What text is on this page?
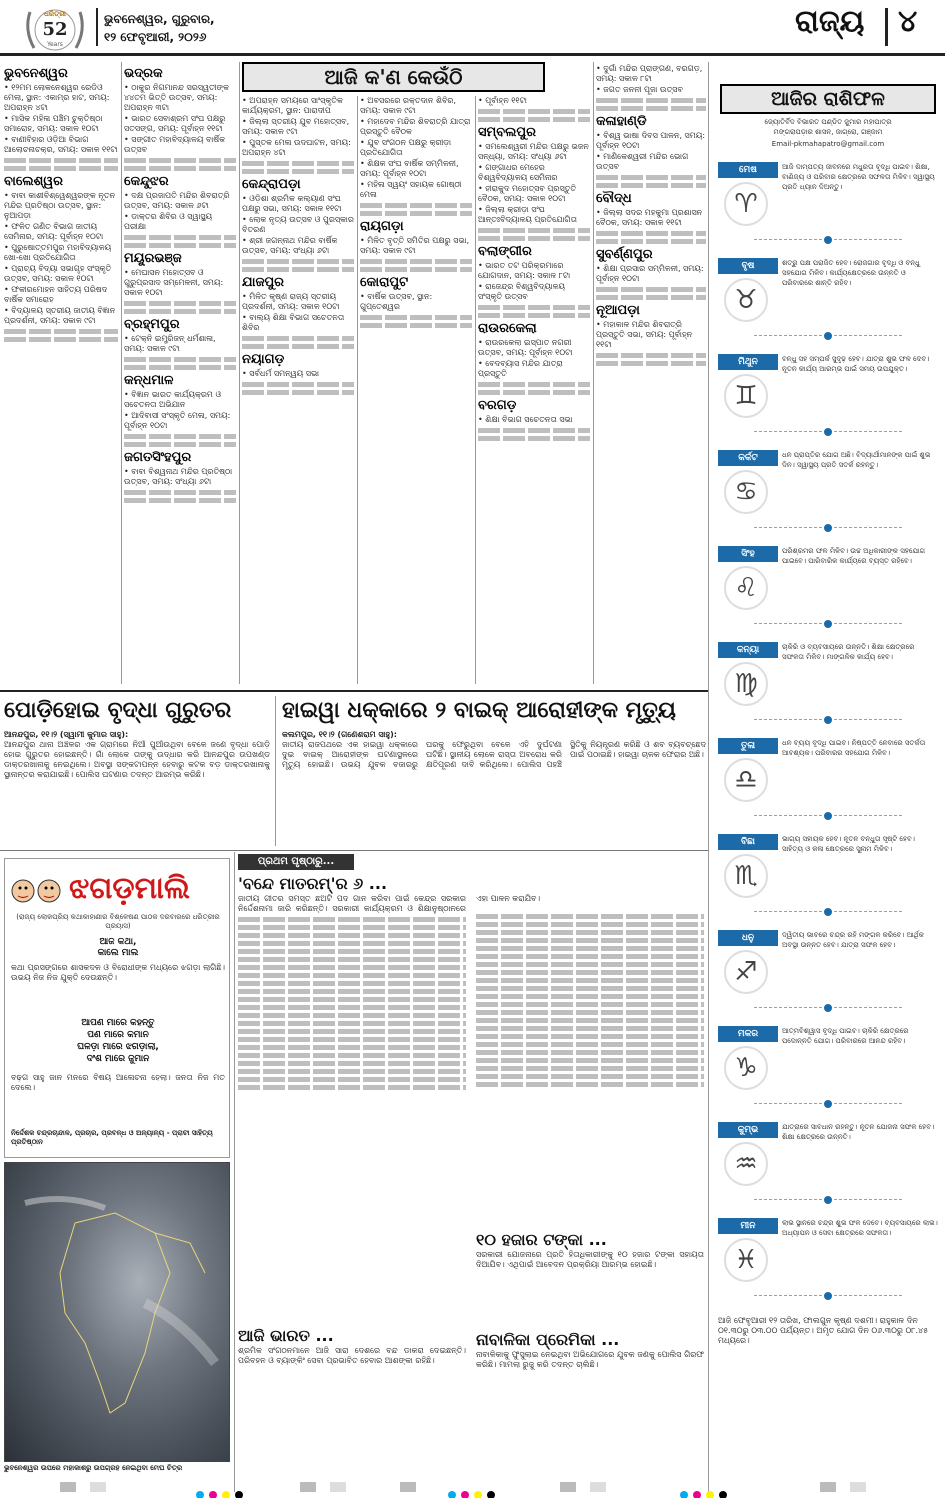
ଧରିତ୍ରୀ
52
Years
ଭୁବନେଶ୍ୱର, ଗୁରୁବାର,
୧୨ ଫେବୃଆରୀ, ୨୦୨୬	ରାଜ୍ୟ ୪
ଆଜି କ'ଣ କେଉଁଠି
ଭୁବନେଶ୍ୱର
• ୧୨ମମ ଲୋକନେଶ୍ୱର ରେଡିଓ ମେଲା, ସ୍ଥାନ: ଏକାମ୍ର ହାଟ, ସମୟ: ଅପରାହ୍ନ ୪ଟା
• ମାସିକ ମହିଳା ପଞ୍ଚିମ ଚୁକ୍ତିଷ୍ଠା ସମାରୋହ, ସମୟ: ସକାଳ ୧୦ଟା
• ବାଣୀବିହାର ଓଡ଼ିଆ ବିଭାଗ ଆଲୋଚନାଚକ୍ର, ସମୟ: ସକାଳ ୧୧ଟା
ବାଲେଶ୍ୱର
• ବାବା କାଶୀବିଶ୍ୱେଶ୍ୱରଙ୍କ ନୂତନ ମନ୍ଦିର ପ୍ରତିଷ୍ଠା ଉତ୍ସବ, ସ୍ଥାନ: ନୁଆପଡ଼ା
• ଫଳିତ ଗଣିତ ବିଭାଗ ଜାତୀୟ ସେମିନାର, ସମୟ: ପୂର୍ବାହ୍ନ ୧୦ଟା
• ପୁରୁଷୋତ୍ତମପୁର ମହାବିଦ୍ୟାଳୟ ଖୋ-ଖୋ ପ୍ରତିଯୋଗିତା
• ପ୍ରାଚ୍ୟ ବିଦ୍ୟା ସଭାଗୃହ ସଂସ୍କୃତି ଉତ୍ସବ, ସମୟ: ସକାଳ ୧୦ଟା
• ଫକୀରମୋହନ ସାହିତ୍ୟ ପରିଷଦ ବାର୍ଷିକ ସମାରୋହ
• ବିଦ୍ୟାଳୟ ସ୍ତରୀୟ ଜାତୀୟ ବିଜ୍ଞାନ ପ୍ରଦର୍ଶନୀ, ସମୟ: ସକାଳ ୯ଟା
ଭଦ୍ରକ
• ଠାକୁର ନିଗମାନନ୍ଦ ସରସ୍ୱତୀଙ୍କ ୪୪ତମ ଭିତ୍ତି ଉତ୍ସବ, ସମୟ: ଅପରାହ୍ନ ୩ଟା
• ଭାରତ ସେବାଶ୍ରମ ସଂଘ ପକ୍ଷରୁ ସତସଙ୍ଗ, ସମୟ: ପୂର୍ବାହ୍ନ ୧୧ଟା
• ସଙ୍ଗୀତ ମହାବିଦ୍ୟାଳୟ ବାର୍ଷିକ ଉତ୍ସବ
କେନ୍ଦୁଝର
• ଦକ୍ଷ ପ୍ରଜାପତି ମନ୍ଦିର ଶିବରାତ୍ରି ଉତ୍ସବ, ସମୟ: ସକାଳ ୬ଟା
• ଡାକ୍ତର ଶିବିର ଓ ସ୍ୱାସ୍ଥ୍ୟ ପରୀକ୍ଷା
ମୟୂରଭଞ୍ଜ
• ମେଘାସନ ମହୋତ୍ସବ ଓ ଗୁରୁପ୍ରସାଦ ସମ୍ମେଳନୀ, ସମୟ: ସକାଳ ୧୦ଟା
ବ୍ରହ୍ମପୁର
• ଟେକ୍ନି ଇମ୍ପ୍ରିଜନ୍ ଧର୍ମଶାଳା, ସମୟ: ସକାଳ ୯ଟା
କନ୍ଧମାଳ
• ବିଜ୍ଞାନ ଭାରତ କାର୍ଯ୍ୟକ୍ରମ ଓ ସଚେତନତା ଅଭିଯାନ
• ଆଦିବାସୀ ସଂସ୍କୃତି ମେଳା, ସମୟ: ପୂର୍ବାହ୍ନ ୧୦ଟା
ଜଗତସିଂହପୁର
• ବାବା ବିଶ୍ୱନାଥ ମନ୍ଦିର ପ୍ରତିଷ୍ଠା ଉତ୍ସବ, ସମୟ: ସଂଧ୍ୟା ୬ଟା
• ଅପରାହ୍ନ ସମୟରେ ସାଂସ୍କୃତିକ କାର୍ଯ୍ୟକ୍ରମ, ସ୍ଥାନ: ପାରାଦୀପ
• ଜିଲ୍ଲା ସ୍ତରୀୟ ଯୁବ ମହୋତ୍ସବ, ସମୟ: ସକାଳ ୯ଟା
• ପୁସ୍ତକ ମେଳା ଉଦଘାଟନ, ସମୟ: ଅପରାହ୍ନ ୪ଟା
କେନ୍ଦ୍ରାପଡ଼ା
• ଓଡ଼ିଶା ଶ୍ରମିକ କଲ୍ୟାଣ ସଂଘ ପକ୍ଷରୁ ସଭା, ସମୟ: ସକାଳ ୧୧ଟା
• ଲୋକ ନୃତ୍ୟ ଉତ୍ସବ ଓ ପୁରସ୍କାର ବିତରଣ
• ଶ୍ରୀ ଜଗନ୍ନାଥ ମନ୍ଦିର ବାର୍ଷିକ ଉତ୍ସବ, ସମୟ: ସଂଧ୍ୟା ୬ଟା
ଯାଜପୁର
• ମିଳିତ କୃଷ୍ଣ ରାଜ୍ୟ ସ୍ତରୀୟ ପ୍ରଦର୍ଶନୀ, ସମୟ: ସକାଳ ୧୦ଟା
• ବାଲ୍ୟ ଶିକ୍ଷା ବିଭାଗ ସଚେତନତା ଶିବିର
ନୟାଗଡ଼
• ସର୍ବଧର୍ମ ସମନ୍ୱୟ ସଭା
• ଅବସରରେ ରକ୍ତଦାନ ଶିବିର, ସମୟ: ସକାଳ ୯ଟା
• ମହାଦେବ ମନ୍ଦିର ଶିବରାତ୍ରି ଯାତ୍ରା ପ୍ରସ୍ତୁତି ବୈଠକ
• ଯୁବ ସଂଗଠନ ପକ୍ଷରୁ କ୍ରୀଡ଼ା ପ୍ରତିଯୋଗିତା
• ଶିକ୍ଷକ ସଂଘ ବାର୍ଷିକ ସମ୍ମିଳନୀ, ସମୟ: ପୂର୍ବାହ୍ନ ୧୦ଟା
• ମହିଳା ସ୍ୱୟଂ ସହାୟକ ଗୋଷ୍ଠୀ ମେଳା
ରାୟଗଡ଼ା
• ମିଳିତ ବୃତ୍ତି ସମିତିର ପକ୍ଷରୁ ସଭା, ସମୟ: ସକାଳ ୯ଟା
କୋରାପୁଟ
• ବାର୍ଷିକ ଉତ୍ସବ, ସ୍ଥାନ: ଗୁପ୍ତେଶ୍ୱର
• ପୂର୍ବାହ୍ନ ୧୧ଟା
ସମ୍ବଲପୁର
• ସମଲେଶ୍ୱରୀ ମନ୍ଦିର ପକ୍ଷରୁ ଭଜନ ସନ୍ଧ୍ୟା, ସମୟ: ସଂଧ୍ୟା ୬ଟା
• ଗଙ୍ଗାଧର ମେହେର ବିଶ୍ୱବିଦ୍ୟାଳୟ ସେମିନାର
• ହୀରାକୁଦ ମହୋତ୍ସବ ପ୍ରସ୍ତୁତି ବୈଠକ, ସମୟ: ସକାଳ ୧୦ଟା
• ଜିଲ୍ଲା କ୍ରୀଡ଼ା ସଂଘ ଆନ୍ତଃବିଦ୍ୟାଳୟ ପ୍ରତିଯୋଗିତା
ବଲାଙ୍ଗୀର
• ଭାରତ ତଟ ପରିକ୍ରମାରେ ଯୋଗଦାନ, ସମୟ: ସକାଳ ୮ଟା
• ରାଜେନ୍ଦ୍ର ବିଶ୍ୱବିଦ୍ୟାଳୟ ସଂସ୍କୃତି ଉତ୍ସବ
ରାଉରକେଲା
• ରାଉରକେଲା ଇସ୍ପାତ ନଗରୀ ଉତ୍ସବ, ସମୟ: ପୂର୍ବାହ୍ନ ୧୦ଟା
• ବେଦବ୍ୟାସ ମନ୍ଦିର ଯାତ୍ରା ପ୍ରସ୍ତୁତି
ବରଗଡ଼
• ଶିକ୍ଷା ବିଭାଗ ସଚେତନତା ସଭା
• ଦୁର୍ଗା ମନ୍ଦିର ପ୍ରାଙ୍ଗଣ, ବରଗଡ଼, ସମୟ: ସକାଳ ୮ଟା
• ଜଗତ ଜନନୀ ପୂଜା ଉତ୍ସବ
କଳାହାଣ୍ଡି
• ବିଶ୍ୱ ଭାଷା ଦିବସ ପାଳନ, ସମୟ: ପୂର୍ବାହ୍ନ ୧୦ଟା
• ମାଣିକେଶ୍ୱରୀ ମନ୍ଦିର ଭୋଗ ଉତ୍ସବ
ବୌଦ୍ଧ
• ଜିଲ୍ଲା ସଦର ମହକୁମା ପ୍ରଶାସନ ବୈଠକ, ସମୟ: ସକାଳ ୧୧ଟା
ସୁବର୍ଣ୍ଣପୁର
• ଶିକ୍ଷା ପ୍ରସାର ସମ୍ମିଳନୀ, ସମୟ: ପୂର୍ବାହ୍ନ ୧୦ଟା
ନୂଆପଡ଼ା
• ମହାକାଳ ମନ୍ଦିର ଶିବରାତ୍ରି ପ୍ରସ୍ତୁତି ସଭା, ସମୟ: ପୂର୍ବାହ୍ନ ୧୧ଟା
ଆଜିର ରାଶିଫଳ
ଜ୍ୟୋତିର୍ବିଦ ବିଭାରତ ପଣ୍ଡିତ ଜୁମାର ମହାପାତ୍ର
ମଙ୍ଗରାପଡ଼ାର ଶାସନ, ଜାଗ୍ରୋ, ଗଞ୍ଜାମ
Email-pkmahapatro@gmail.com
ମେଷ
♈
ଆଜି ଦାମ୍ପତ୍ୟ ଜୀବନରେ ମଧୁରତା ବୃଦ୍ଧି ପାଇବ। ଶିକ୍ଷା, ବାଣିଜ୍ୟ ଓ ପରିବାର କ୍ଷେତ୍ରରେ ସଫଳତା ମିଳିବ। ସ୍ୱାସ୍ଥ୍ୟ ପ୍ରତି ଧ୍ୟାନ ଦିଅନ୍ତୁ।
ବୃଷ
♉
ଶତ୍ରୁ ପକ୍ଷ ପରାଜିତ ହେବ। ରୋଜଗାର ବୃଦ୍ଧି ଓ ବନ୍ଧୁ ସହଯୋଗ ମିଳିବ। କାର୍ଯ୍ୟକ୍ଷେତ୍ରରେ ଉନ୍ନତି ଓ ପରିବାରରେ ଶାନ୍ତି ରହିବ।
ମିଥୁନ
♊
ବନ୍ଧୁ ସହ ସମ୍ପର୍କ ସୁଦୃଢ଼ ହେବ। ଯାତ୍ରା ଶୁଭ ଫଳ ଦେବ। ନୂତନ କାର୍ଯ୍ୟ ଆରମ୍ଭ ପାଇଁ ସମୟ ଉପଯୁକ୍ତ।
କର୍କଟ
♋
ଧନ ପ୍ରାପ୍ତିର ଯୋଗ ଅଛି। ବିଦ୍ୟାର୍ଥୀମାନଙ୍କ ପାଇଁ ଶୁଭ ଦିନ। ସ୍ୱାସ୍ଥ୍ୟ ପ୍ରତି ସତର୍କ ରହନ୍ତୁ।
ସିଂହ
♌
ପରିଶ୍ରମର ଫଳ ମିଳିବ। ଉଚ୍ଚ ଅଧିକାରୀଙ୍କ ସହଯୋଗ ପାଇବେ। ପାରିବାରିକ କାର୍ଯ୍ୟରେ ବ୍ୟସ୍ତ ରହିବେ।
କନ୍ୟା
♍
ଚାକିରି ଓ ବ୍ୟବସାୟରେ ଉନ୍ନତି। ଶିକ୍ଷା କ୍ଷେତ୍ରରେ ସଫଳତା ମିଳିବ। ମାଙ୍ଗଳିକ କାର୍ଯ୍ୟ ହେବ।
ତୁଳା
♎
ଧନ ବ୍ୟୟ ବୃଦ୍ଧି ପାଇବ। ନିଷ୍ପତ୍ତି ନେବାରେ ସତର୍କତା ଆବଶ୍ୟକ। ପରିବାରର ସହଯୋଗ ମିଳିବ।
ବିଛା
♏
ଭାଗ୍ୟ ସହାୟକ ହେବ। ନୂତନ ବନ୍ଧୁତା ସୃଷ୍ଟି ହେବ। ସାହିତ୍ୟ ଓ କଳା କ୍ଷେତ୍ରରେ ସୁନାମ ମିଳିବ।
ଧନୁ
♐
ଦ୍ୱିତୀୟ ଭାବରେ ଚନ୍ଦ୍ର ରହି ମଙ୍ଗଳ କରିବେ। ଆର୍ଥିକ ଅବସ୍ଥା ଉନ୍ନତ ହେବ। ଯାତ୍ରା ସଫଳ ହେବ।
ମକର
♑
ଆତ୍ମବିଶ୍ୱାସ ବୃଦ୍ଧି ପାଇବ। ଚାକିରି କ୍ଷେତ୍ରରେ ପଦୋନ୍ନତି ଯୋଗ। ପରିବାରରେ ଆନନ୍ଦ ରହିବ।
କୁମ୍ଭ
♒
ଯାତ୍ରାରେ ସାବଧାନ ରହନ୍ତୁ। ନୂତନ ଯୋଜନା ସଫଳ ହେବ। ଶିକ୍ଷା କ୍ଷେତ୍ରରେ ଉନ୍ନତି।
ମୀନ
♓
ଲାଭ ସ୍ଥାନରେ ଚନ୍ଦ୍ର ଶୁଭ ଫଳ ଦେବେ। ବ୍ୟବସାୟରେ ଲାଭ। ଅଧ୍ୟାପନ ଓ ସେବା କ୍ଷେତ୍ରରେ ସଫଳତା।
ଆଜି ଫେବୃଆରୀ ୧୨ ତାରିଖ, ଫାଲଗୁନ କୃଷ୍ଣ ଦଶମୀ। ରାହୁକାଳ ଦିନ ୦୧.୩୦ରୁ ୦୩.୦୦ ପର୍ଯ୍ୟନ୍ତ। ଅମୃତ ଯୋଗ ଦିନ ୦୬.୩୦ରୁ ୦୮.୪୫ ମଧ୍ୟରେ।
ପୋଡ଼ିହୋଇ ବୃଦ୍ଧା ଗୁରୁତର
ଆନନ୍ଦପୁର, ୧୧।୨ (ସ୍ୱାମୀ କୁମାର ସାହୁ):
ଆନନ୍ଦପୁର ଥାନା ଅଞ୍ଚଳର ଏକ ଗ୍ରାମରେ ନିଆଁ ପୁଆଁଉଥିବା ବେଳେ ଜଣେ ବୃଦ୍ଧା ପୋଡ଼ି ହୋଇ ଗୁରୁତର ହୋଇଛନ୍ତି। ଗାଁ ଲୋକେ ତାଙ୍କୁ ଉଦ୍ଧାର କରି ଆନନ୍ଦପୁର ଉପଖଣ୍ଡ ଡାକ୍ତରଖାନାକୁ ନେଇଥିଲେ। ଅବସ୍ଥା ସଙ୍କଟାପନ୍ନ ହେବାରୁ କଟକ ବଡ଼ ଡାକ୍ତରଖାନାକୁ ସ୍ଥାନାନ୍ତର କରାଯାଇଛି। ପୋଲିସ ଘଟଣାର ତଦନ୍ତ ଆରମ୍ଭ କରିଛି।
ହାଇୱା ଧକ୍କାରେ ୨ ବାଇକ୍ ଆରୋହୀଙ୍କ ମୃତ୍ୟୁ
କଲମପୁର, ୧୧।୨ (ଗଣେଶରାମ ସାହୁ):
ଜାତୀୟ ରାଜପଥରେ ଏକ ହାଇୱା ଧକ୍କାରେ ଦୁଇ ବାଇକ୍ ଆରୋହୀଙ୍କ ଘଟଣାସ୍ଥଳରେ ମୃତ୍ୟୁ ହୋଇଛି। ଉଭୟ ଯୁବକ ବଜାରରୁ ଘରକୁ ଫେରୁଥିବା ବେଳେ ଏହି ଦୁର୍ଘଟଣା ଘଟିଛି। ସ୍ଥାନୀୟ ଲୋକେ ରାସ୍ତା ଅବରୋଧ କରି କ୍ଷତିପୂରଣ ଦାବି କରିଥିଲେ। ପୋଲିସ ପହଞ୍ଚି ସ୍ଥିତିକୁ ନିୟନ୍ତ୍ରଣ କରିଛି ଓ ଶବ ବ୍ୟବଚ୍ଛେଦ ପାଇଁ ପଠାଇଛି। ହାଇୱା ଚାଳକ ଫେରାର ଅଛି।
ପ୍ରଥମ ପୃଷ୍ଠାରୁ...
ଝଗଡ଼ମାଲି
(ରାଜ୍ୟ ଲୋକପ୍ରିୟ କଥାକାହାଣୀର ବିଶ୍ଳେଷଣ ପାଠକ ଦରବାରରେ ଧରିତ୍ରୀର ପ୍ରୟାସ)
ଆଜ କଥା,
କାଲେ ମାଲ
କଥା ପ୍ରସଙ୍ଗରେ ଶାସକଦଳ ଓ ବିରୋଧୀଙ୍କ ମଧ୍ୟରେ ଝଗଡ଼ା ଲାଗିଛି। ଉଭୟ ନିଜ ନିଜ ଯୁକ୍ତି ଦେଉଛନ୍ତି।
ଆପଣ ମାରେ କହନ୍ତୁ
ପଣ ମାରେ କମାନ
ଘଳଡ଼ା ମାରେ ଝଗଡ଼ାଲା,
ଦଂଶ ମାରେ ଜୁମାନ
ବଢ଼ଗ ସାହୁ ଜାନ ମନରେ ବିଷୟ ଆଳୋଚନା ହେଲା। ଜନତା ନିଜ ମତ ଦେଲେ।
ନିର୍ଦ୍ଦେଶକ ଚନ୍ଦ୍ରଚାନ୍ଦାଳ, ପ୍ରଚାର, ପ୍ରବନ୍ଧ ଓ ଅନ୍ୟାନ୍ୟ - ପ୍ରାଚୀ ସାହିତ୍ୟ ପ୍ରତିଷ୍ଠାନ
ଭୁବନେଶ୍ୱର ଉପରେ ମହାକାଶରୁ ଉପଗ୍ରହ ନେଇଥିବା ମେଘ ଚିତ୍ର
'ବନ୍ଦେ ମାତରମ୍'ର ୬ ...
ଜାତୀୟ ଗୀତର ସମସ୍ତ ଛଅଟି ପଦ ଗାନ କରିବା ପାଇଁ କେନ୍ଦ୍ର ସରକାର ନିର୍ଦ୍ଦେଶନାମା ଜାରି କରିଛନ୍ତି। ସରକାରୀ କାର୍ଯ୍ୟକ୍ରମ ଓ ଶିକ୍ଷାନୁଷ୍ଠାନରେ ଏହା ପାଳନ କରାଯିବ।
ଆଜି ଭାରତ ...
ଶ୍ରମିକ ସଂଗଠନମାନେ ଆଜି ସାରା ଦେଶରେ ବନ୍ଦ ଡାକରା ଦେଇଛନ୍ତି। ପରିବହନ ଓ ବ୍ୟାଙ୍କିଂ ସେବା ପ୍ରଭାବିତ ହେବାର ଆଶଙ୍କା ରହିଛି।
୧୦ ହଜାର ଟଙ୍କା ...
ସରକାରୀ ଯୋଜନାରେ ପ୍ରତି ହିତାଧିକାରୀଙ୍କୁ ୧୦ ହଜାର ଟଙ୍କା ସହାୟତା ଦିଆଯିବ। ଏଥିପାଇଁ ଆବେଦନ ପ୍ରକ୍ରିୟା ଆରମ୍ଭ ହୋଇଛି।
ନାବାଳିକା ପ୍ରେମିକା ...
ନାବାଳିକାକୁ ଫୁସୁଲାଇ ନେଇଥିବା ଅଭିଯୋଗରେ ଯୁବକ ଜଣକୁ ପୋଲିସ ଗିରଫ କରିଛି। ମାମଲା ରୁଜୁ କରି ତଦନ୍ତ ଚାଲିଛି।
